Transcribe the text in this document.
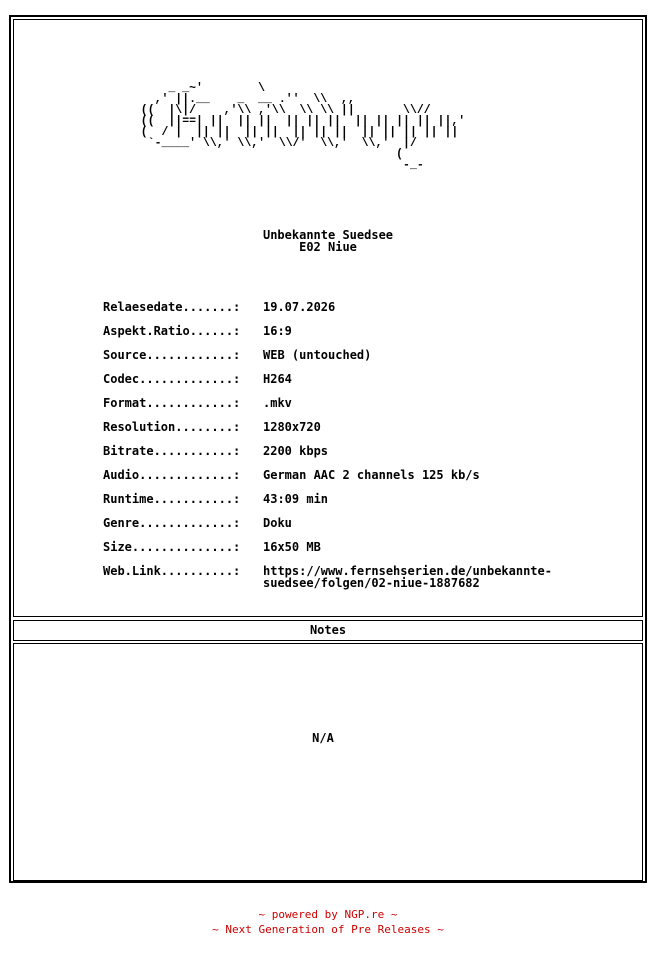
_ _~'        \
,' ||.__    _  __ .''  \\  ,,
((  |\|/    ,'\\ ,'\\  \\ \\ ||       \\//
((  ||==| ||  || ||  || || ||  || || || || ||,'
(  / |  || ||  || ||  || || ||  || || || || ||
`-____' \\,' \\,'  \\/'  \\,'  \\,'  |/
(
-_-
Unbekannte Suedsee
E02 Niue
Relaesedate.......:	19.07.2026
Aspekt.Ratio......:	16:9
Source............:	WEB (untouched)
Codec.............:	H264
Format............:	.mkv
Resolution........:	1280x720
Bitrate...........:	2200 kbps
Audio.............:	German AAC 2 channels 125 kb/s
Runtime...........:	43:09 min
Genre.............:	Doku
Size..............:	16x50 MB
Web.Link..........:	https://www.fernsehserien.de/unbekannte-
suedsee/folgen/02-niue-1887682
Notes
N/A
~ powered by NGP.re ~
~ Next Generation of Pre Releases ~
